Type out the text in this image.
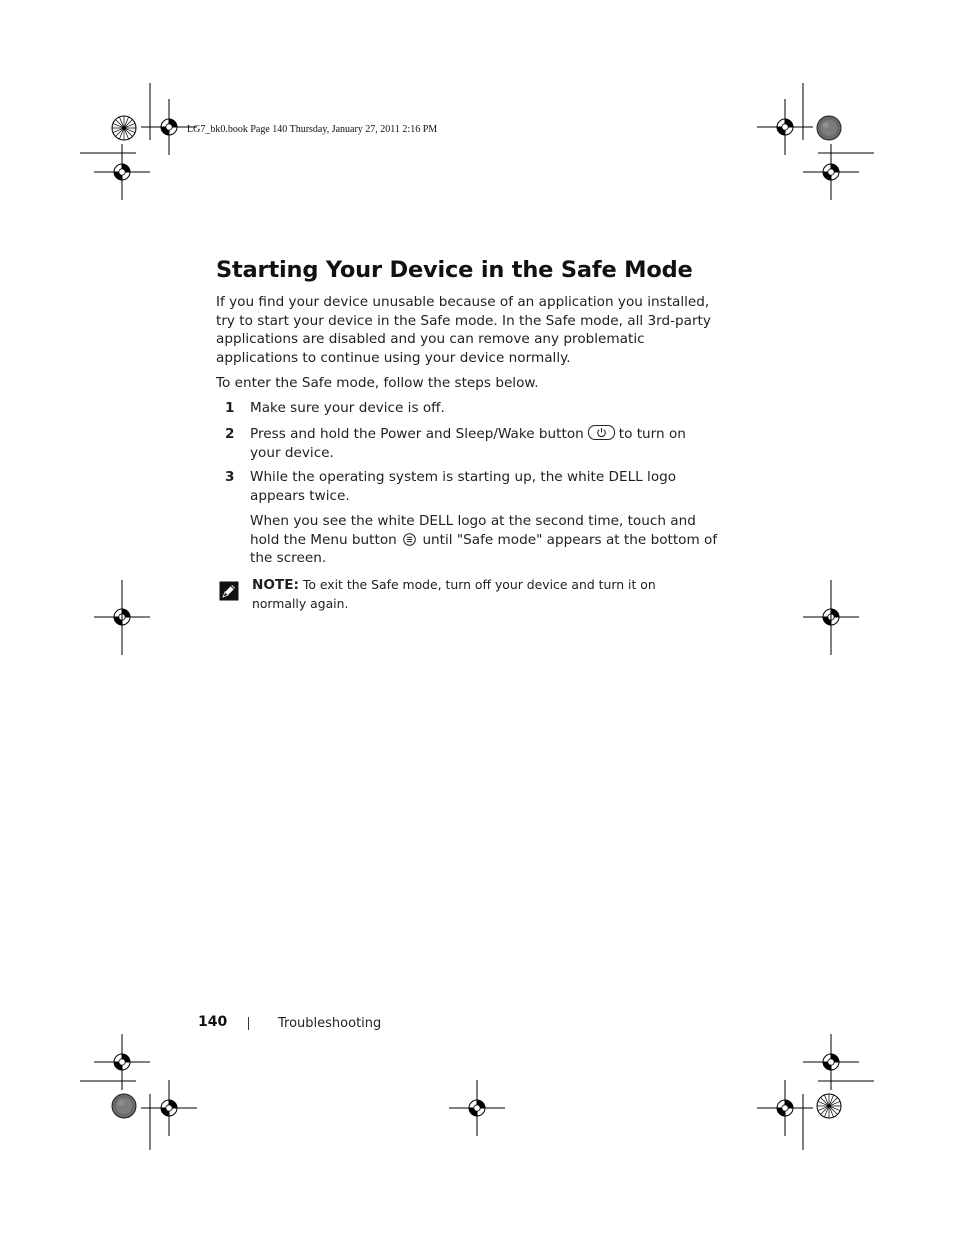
LG7_bk0.book Page 140 Thursday, January 27, 2011 2:16 PM
Starting Your Device in the Safe Mode
If you find your device unusable because of an application you installed, try to start your device in the Safe mode. In the Safe mode, all 3rd-party applications are disabled and you can remove any problematic applications to continue using your device normally.
To enter the Safe mode, follow the steps below.
1 Make sure your device is off.
2 Press and hold the Power and Sleep/Wake button	to turn on your device.
3 While the operating system is starting up, the white DELL logo appears twice.
When you see the white DELL logo at the second time, touch and hold the Menu button until "Safe mode" appears at the bottom of the screen.
NOTE: To exit the Safe mode, turn off your device and turn it on normally again.
140	Troubleshooting
